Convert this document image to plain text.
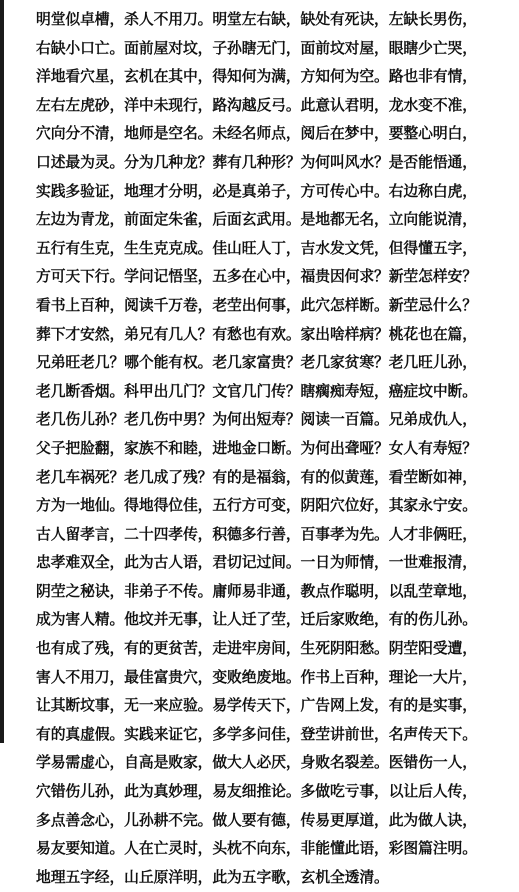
明堂似卓槽，杀人不用刀。明堂左右缺，缺处有死诀，左缺长男伤，
右缺小口亡。面前屋对坟，子孙瞎无门，面前坟对屋，眼瞎少亡哭，
洋地看穴星，玄机在其中，得知何为满，方知何为空。路也非有情，
左右左虎砂，洋中未现行，路沟越反弓。此意认君明，龙水变不准，
穴向分不清，地师是空名。未经名师点，阅后在梦中，要整心明白，
口述最为灵。分为几种龙？葬有几种形？为何叫风水？是否能悟通，
实践多验证，地理才分明，必是真弟子，方可传心中。右边称白虎，
左边为青龙，前面定朱雀，后面玄武用。是地都无名，立向能说清，
五行有生克，生生克克成。佳山旺人丁，吉水发文凭，但得懂五字，
方可天下行。学问记悟坚，五多在心中，福贵因何求？新茔怎样安？
看书上百种，阅读千万卷，老茔出何事，此穴怎样断。新茔忌什么？
葬下才安然，弟兄有几人？有愁也有欢。家出啥样病？桃花也在篇，
兄弟旺老几？哪个能有权。老几家富贵？老几家贫寒？老几旺儿孙，
老几断香烟。科甲出几门？文官几门传？瞎瘸痴寿短，癌症坟中断。
老几伤儿孙？老几伤中男？为何出短寿？阅读一百篇。兄弟成仇人，
父子把脸翻，家族不和睦，进地金口断。为何出聋哑？女人有寿短？
老几车祸死？老几成了残？有的是福翁，有的似黄莲，看茔断如神，
方为一地仙。得地得位佳，五行方可变，阴阳穴位好，其家永宁安。
古人留孝言，二十四孝传，积德多行善，百事孝为先。人才非俩旺，
忠孝难双全，此为古人语，君切记过间。一日为师情，一世难报清，
阴茔之秘诀，非弟子不传。庸师易非通，教点作聪明，以乱茔章地，
成为害人精。他坟并无事，让人迁了茔，迁后家败绝，有的伤儿孙。
也有成了残，有的更贫苦，走进牢房间，生死阴阳愁。阴茔阳受遭，
害人不用刀，最佳富贵穴，变败绝废地。作书上百种，理论一大片，
让其断坟事，无一来应验。易学传天下，广告网上发，有的是实事，
有的真虚假。实践来证它，多学多问佳，登茔讲前世，名声传天下。
学易需虚心，自高是败家，做大人必厌，身败名裂差。医错伤一人，
穴错伤儿孙，此为真妙理，易友细推论。多做吃亏事，以让后人传，
多点善念心，儿孙耕不完。做人要有德，传易更厚道，此为做人诀，
易友要知道。人在亡灵时，头枕不向东，非能懂此语，彩图篇注明。
地理五字经，山丘原洋明，此为五字歌，玄机全透清。
